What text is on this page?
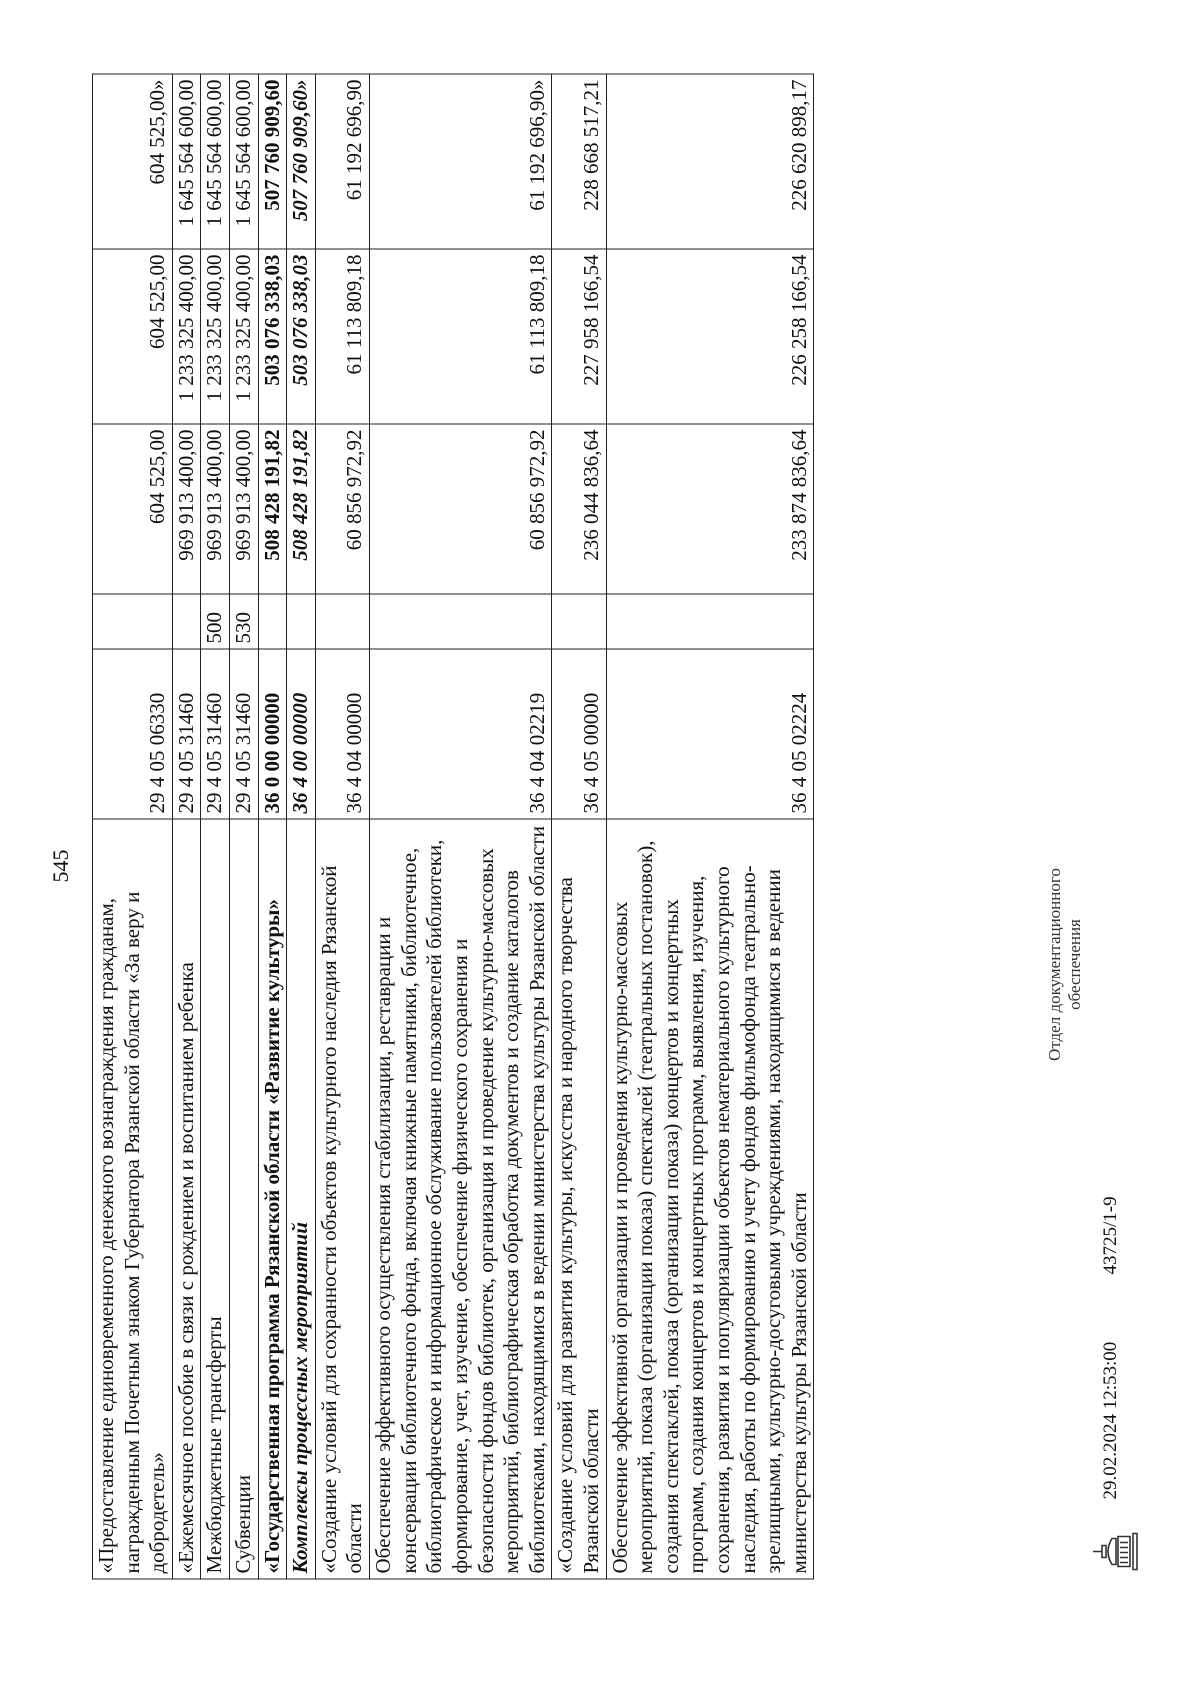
545
«Предоставление единовременного денежного вознаграждения гражданам, награжденным Почетным знаком Губернатора Рязанской области «За веру и добродетель»	29 4 05 06330		604 525,00	604 525,00	604 525,00»
«Ежемесячное пособие в связи с рождением и воспитанием ребенка	29 4 05 31460		969 913 400,00	1 233 325 400,00	1 645 564 600,00
Межбюджетные трансферты	29 4 05 31460	500	969 913 400,00	1 233 325 400,00	1 645 564 600,00
Субвенции	29 4 05 31460	530	969 913 400,00	1 233 325 400,00	1 645 564 600,00
«Государственная программа Рязанской области «Развитие культуры»	36 0 00 00000		508 428 191,82	503 076 338,03	507 760 909,60
Комплексы процессных мероприятий	36 4 00 00000		508 428 191,82	503 076 338,03	507 760 909,60»
«Создание условий для сохранности объектов культурного наследия Рязанской области	36 4 04 00000		60 856 972,92	61 113 809,18	61 192 696,90
Обеспечение эффективного осуществления стабилизации, реставрации и консервации библиотечного фонда, включая книжные памятники, библиотечное, библиографическое и информационное обслуживание пользователей библиотеки, формирование, учет, изучение, обеспечение физического сохранения и безопасности фондов библиотек, организация и проведение культурно-массовых мероприятий, библиографическая обработка документов и создание каталогов библиотеками, находящимися в ведении министерства культуры Рязанской области	36 4 04 02219		60 856 972,92	61 113 809,18	61 192 696,90»
«Создание условий для развития культуры, искусства и народного творчества Рязанской области	36 4 05 00000		236 044 836,64	227 958 166,54	228 668 517,21
Обеспечение эффективной организации и проведения культурно-массовых мероприятий, показа (организации показа) спектаклей (театральных постановок), создания спектаклей, показа (организации показа) концертов и концертных программ, создания концертов и концертных программ, выявления, изучения, сохранения, развития и популяризации объектов нематериального культурного наследия, работы по формированию и учету фондов фильмофонда театрально-зрелищными, культурно-досуговыми учреждениями, находящимися в ведении министерства культуры Рязанской области	36 4 05 02224		233 874 836,64	226 258 166,54	226 620 898,17
29.02.2024 12:53:00
43725/1-9
Отдел документационного обеспечения
